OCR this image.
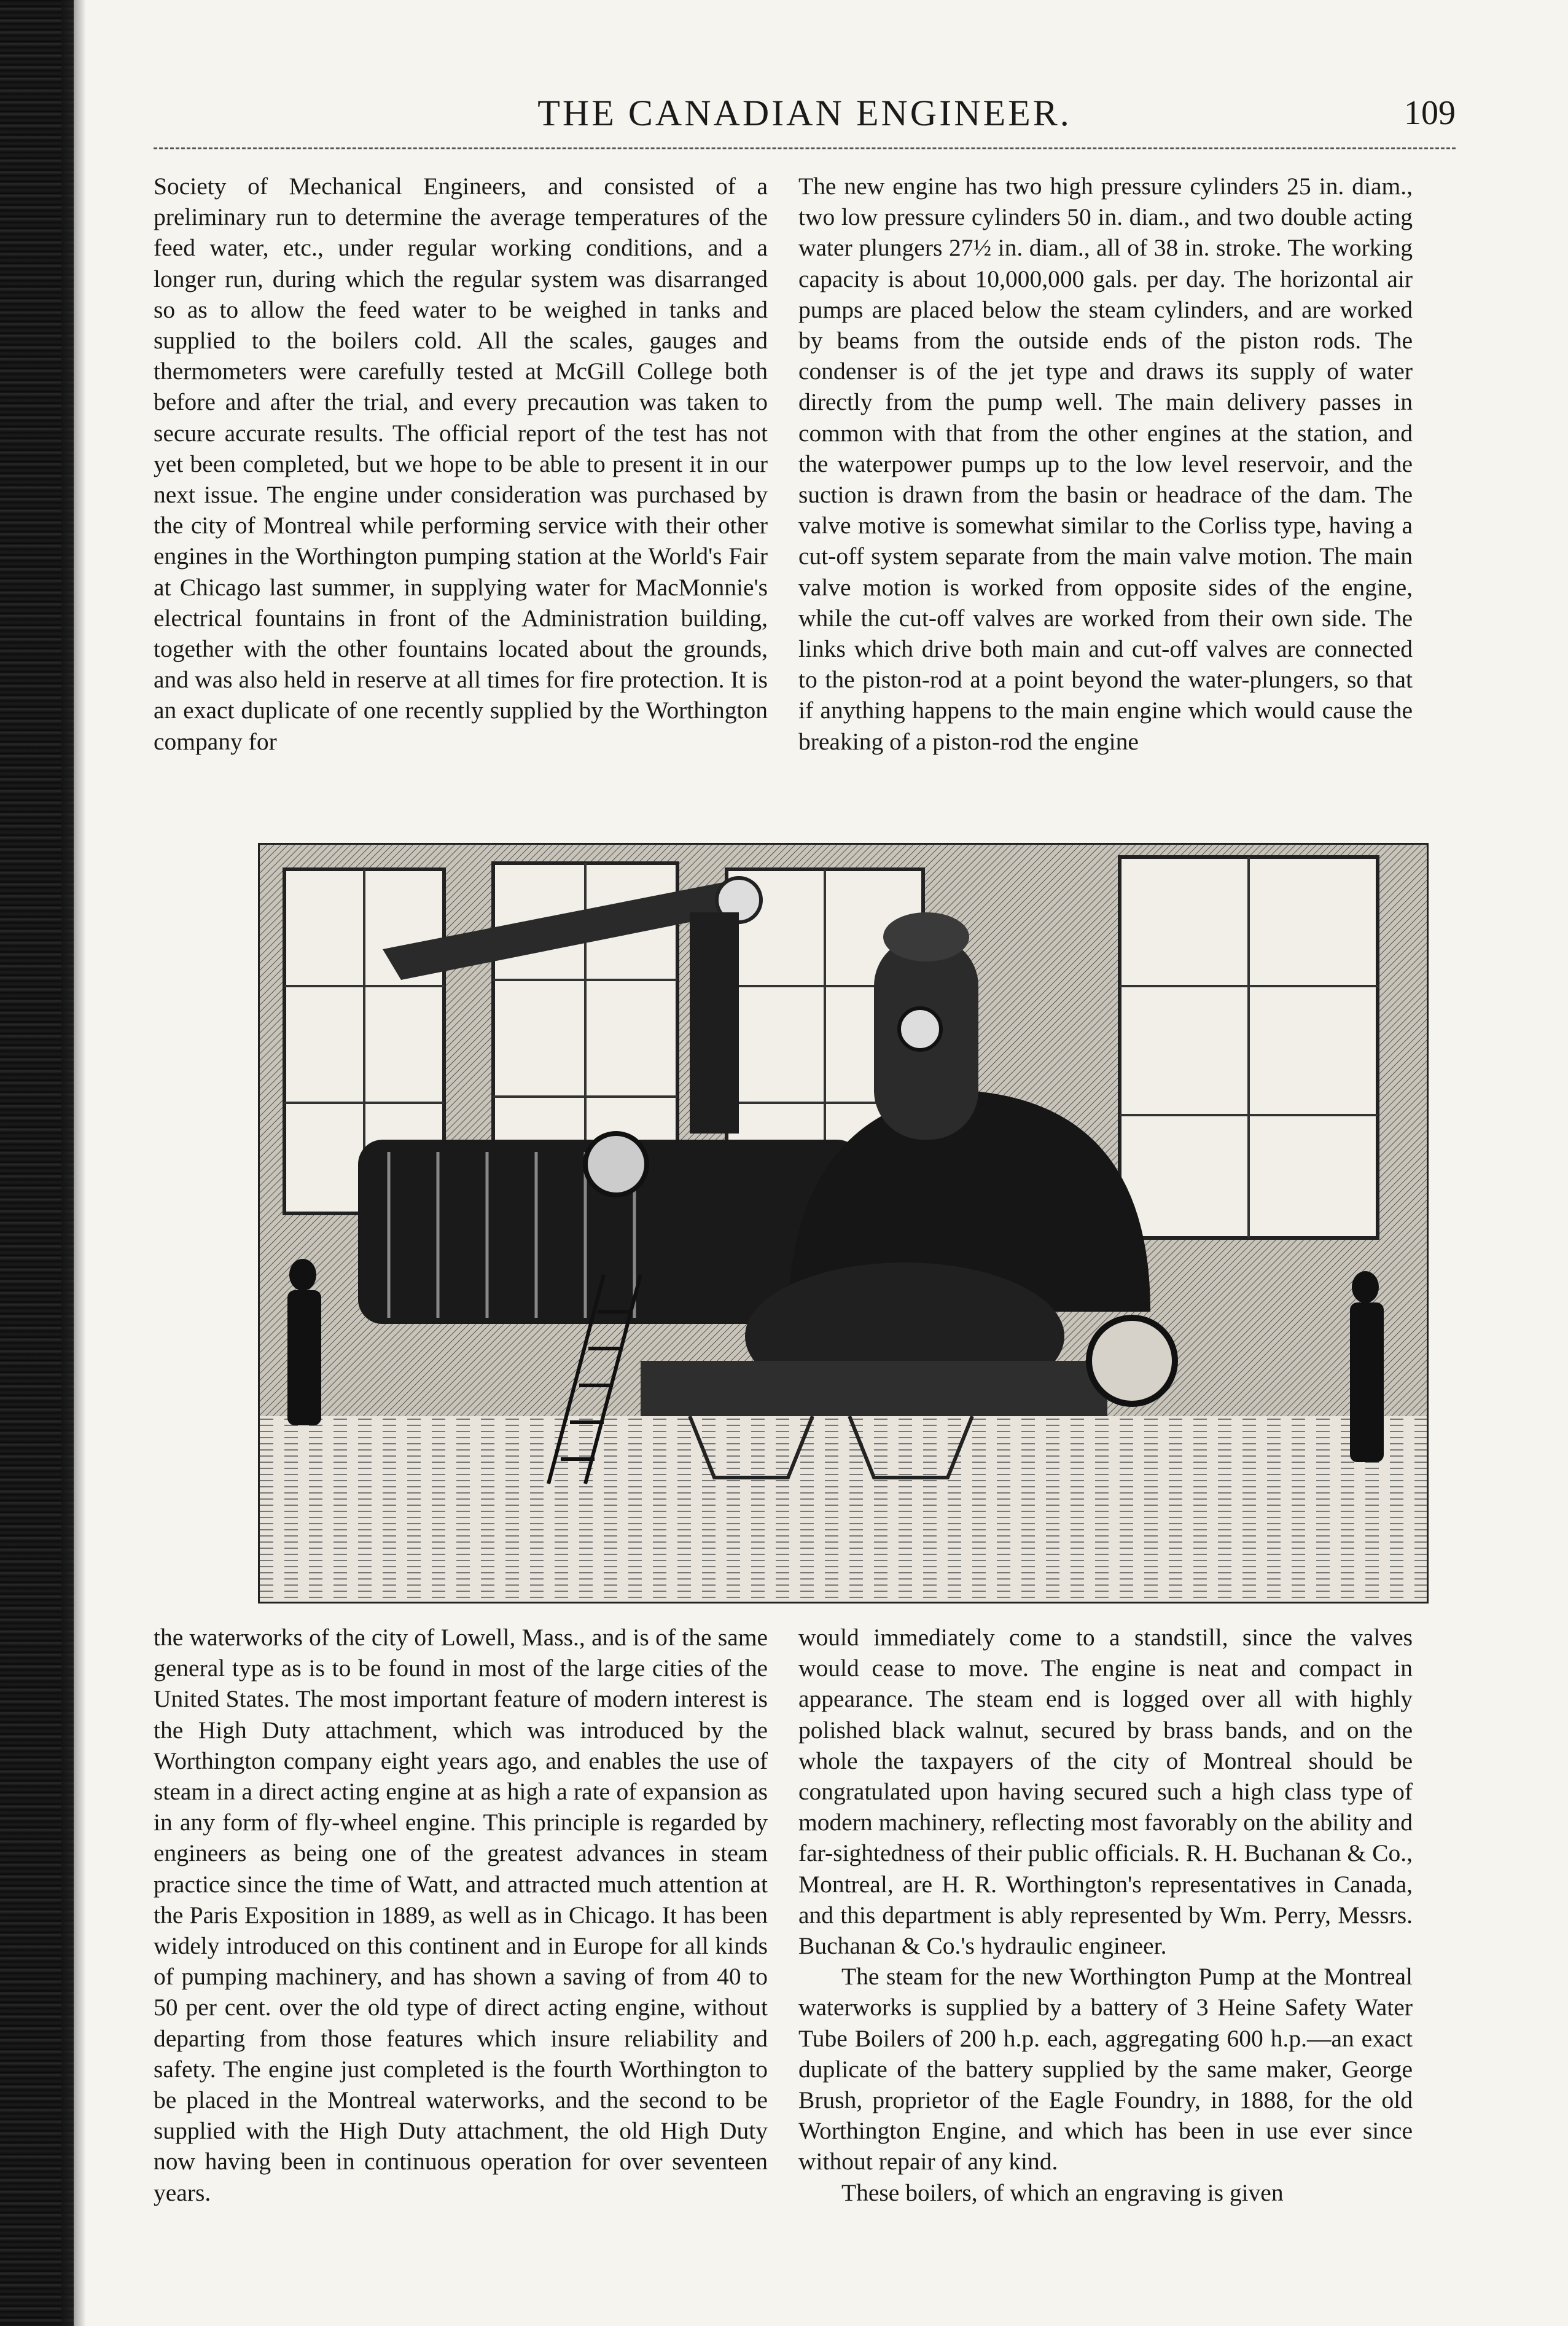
THE CANADIAN ENGINEER.	109

Society of Mechanical Engineers, and consisted of a preliminary run to determine the average temperatures of the feed water, etc., under regular working conditions, and a longer run, during which the regular system was disarranged so as to allow the feed water to be weighed in tanks and supplied to the boilers cold. All the scales, gauges and thermometers were carefully tested at McGill College both before and after the trial, and every precaution was taken to secure accurate results. The official report of the test has not yet been completed, but we hope to be able to present it in our next issue. The engine under consideration was purchased by the city of Montreal while performing service with their other engines in the Worthington pumping station at the World's Fair at Chicago last summer, in supplying water for MacMonnie's electrical fountains in front of the Administration building, together with the other fountains located about the grounds, and was also held in reserve at all times for fire protection. It is an exact duplicate of one recently supplied by the Worthington company for

The new engine has two high pressure cylinders 25 in. diam., two low pressure cylinders 50 in. diam., and two double acting water plungers 27½ in. diam., all of 38 in. stroke. The working capacity is about 10,000,000 gals. per day. The horizontal air pumps are placed below the steam cylinders, and are worked by beams from the outside ends of the piston rods. The condenser is of the jet type and draws its supply of water directly from the pump well. The main delivery passes in common with that from the other engines at the station, and the waterpower pumps up to the low level reservoir, and the suction is drawn from the basin or headrace of the dam. The valve motive is somewhat similar to the Corliss type, having a cut-off system separate from the main valve motion. The main valve motion is worked from opposite sides of the engine, while the cut-off valves are worked from their own side. The links which drive both main and cut-off valves are connected to the piston-rod at a point beyond the water-plungers, so that if anything happens to the main engine which would cause the breaking of a piston-rod the engine

the waterworks of the city of Lowell, Mass., and is of the same general type as is to be found in most of the large cities of the United States. The most important feature of modern interest is the High Duty attachment, which was introduced by the Worthington company eight years ago, and enables the use of steam in a direct acting engine at as high a rate of expansion as in any form of fly-wheel engine. This principle is regarded by engineers as being one of the greatest advances in steam practice since the time of Watt, and attracted much attention at the Paris Exposition in 1889, as well as in Chicago. It has been widely introduced on this continent and in Europe for all kinds of pumping machinery, and has shown a saving of from 40 to 50 per cent. over the old type of direct acting engine, without departing from those features which insure reliability and safety. The engine just completed is the fourth Worthington to be placed in the Montreal waterworks, and the second to be supplied with the High Duty attachment, the old High Duty now having been in continuous operation for over seventeen years.

would immediately come to a standstill, since the valves would cease to move. The engine is neat and compact in appearance. The steam end is logged over all with highly polished black walnut, secured by brass bands, and on the whole the taxpayers of the city of Montreal should be congratulated upon having secured such a high class type of modern machinery, reflecting most favorably on the ability and far-sightedness of their public officials. R. H. Buchanan & Co., Montreal, are H. R. Worthington's representatives in Canada, and this department is ably represented by Wm. Perry, Messrs. Buchanan & Co.'s hydraulic engineer.

The steam for the new Worthington Pump at the Montreal waterworks is supplied by a battery of 3 Heine Safety Water Tube Boilers of 200 h.p. each, aggregating 600 h.p.—an exact duplicate of the battery supplied by the same maker, George Brush, proprietor of the Eagle Foundry, in 1888, for the old Worthington Engine, and which has been in use ever since without repair of any kind.

These boilers, of which an engraving is given
